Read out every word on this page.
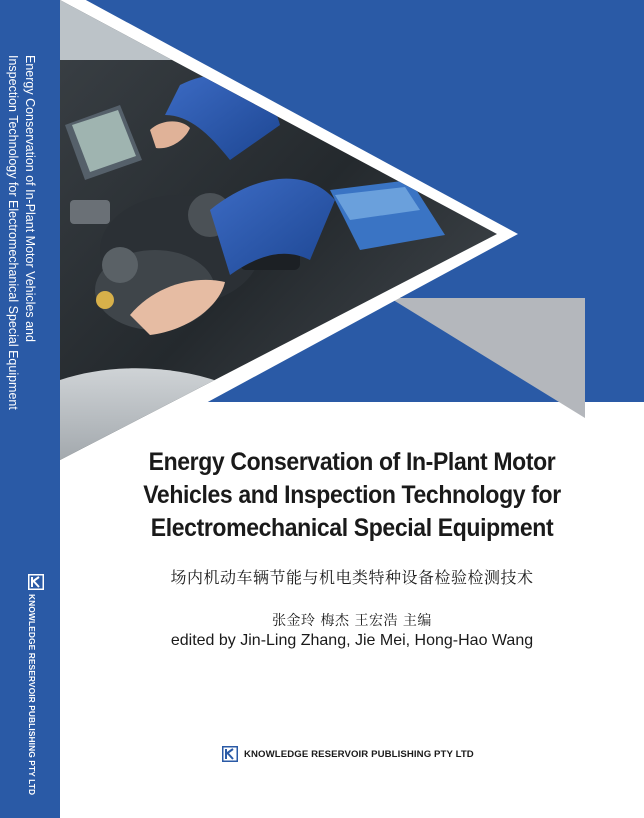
Energy Conservation of In-Plant Motor Vehicles and
Inspection Technology for Electromechanical Special Equipment
KNOWLEDGE RESERVOIR PUBLISHING PTY LTD
Energy Conservation of In-Plant Motor
Vehicles and Inspection Technology for
Electromechanical Special Equipment
场内机动车辆节能与机电类特种设备检验检测技术
张金玲 梅杰 王宏浩 主编
edited by Jin-Ling Zhang, Jie Mei, Hong-Hao Wang
KNOWLEDGE RESERVOIR PUBLISHING PTY LTD
